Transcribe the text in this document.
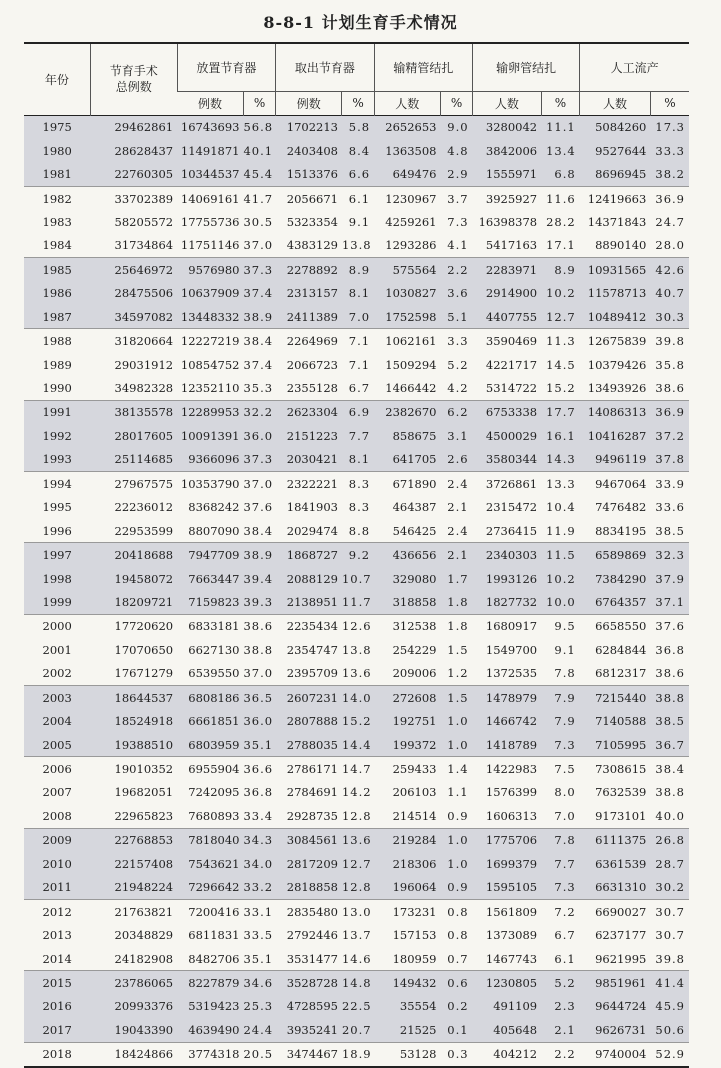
8-8-1 计划生育手术情况
年份	节育手术总例数	放置节育器		取出节育器		输精管结扎		输卵管结扎		人工流产	
		例数	%	例数	%	人数	%	人数	%	人数	%
1975	29462861	16743693	56.8	1702213	5.8	2652653	9.0	3280042	11.1	5084260	17.3
1980	28628437	11491871	40.1	2403408	8.4	1363508	4.8	3842006	13.4	9527644	33.3
1981	22760305	10344537	45.4	1513376	6.6	649476	2.9	1555971	6.8	8696945	38.2
1982	33702389	14069161	41.7	2056671	6.1	1230967	3.7	3925927	11.6	12419663	36.9
1983	58205572	17755736	30.5	5323354	9.1	4259261	7.3	16398378	28.2	14371843	24.7
1984	31734864	11751146	37.0	4383129	13.8	1293286	4.1	5417163	17.1	8890140	28.0
1985	25646972	9576980	37.3	2278892	8.9	575564	2.2	2283971	8.9	10931565	42.6
1986	28475506	10637909	37.4	2313157	8.1	1030827	3.6	2914900	10.2	11578713	40.7
1987	34597082	13448332	38.9	2411389	7.0	1752598	5.1	4407755	12.7	10489412	30.3
1988	31820664	12227219	38.4	2264969	7.1	1062161	3.3	3590469	11.3	12675839	39.8
1989	29031912	10854752	37.4	2066723	7.1	1509294	5.2	4221717	14.5	10379426	35.8
1990	34982328	12352110	35.3	2355128	6.7	1466442	4.2	5314722	15.2	13493926	38.6
1991	38135578	12289953	32.2	2623304	6.9	2382670	6.2	6753338	17.7	14086313	36.9
1992	28017605	10091391	36.0	2151223	7.7	858675	3.1	4500029	16.1	10416287	37.2
1993	25114685	9366096	37.3	2030421	8.1	641705	2.6	3580344	14.3	9496119	37.8
1994	27967575	10353790	37.0	2322221	8.3	671890	2.4	3726861	13.3	9467064	33.9
1995	22236012	8368242	37.6	1841903	8.3	464387	2.1	2315472	10.4	7476482	33.6
1996	22953599	8807090	38.4	2029474	8.8	546425	2.4	2736415	11.9	8834195	38.5
1997	20418688	7947709	38.9	1868727	9.2	436656	2.1	2340303	11.5	6589869	32.3
1998	19458072	7663447	39.4	2088129	10.7	329080	1.7	1993126	10.2	7384290	37.9
1999	18209721	7159823	39.3	2138951	11.7	318858	1.8	1827732	10.0	6764357	37.1
2000	17720620	6833181	38.6	2235434	12.6	312538	1.8	1680917	9.5	6658550	37.6
2001	17070650	6627130	38.8	2354747	13.8	254229	1.5	1549700	9.1	6284844	36.8
2002	17671279	6539550	37.0	2395709	13.6	209006	1.2	1372535	7.8	6812317	38.6
2003	18644537	6808186	36.5	2607231	14.0	272608	1.5	1478979	7.9	7215440	38.8
2004	18524918	6661851	36.0	2807888	15.2	192751	1.0	1466742	7.9	7140588	38.5
2005	19388510	6803959	35.1	2788035	14.4	199372	1.0	1418789	7.3	7105995	36.7
2006	19010352	6955904	36.6	2786171	14.7	259433	1.4	1422983	7.5	7308615	38.4
2007	19682051	7242095	36.8	2784691	14.2	206103	1.1	1576399	8.0	7632539	38.8
2008	22965823	7680893	33.4	2928735	12.8	214514	0.9	1606313	7.0	9173101	40.0
2009	22768853	7818040	34.3	3084561	13.6	219284	1.0	1775706	7.8	6111375	26.8
2010	22157408	7543621	34.0	2817209	12.7	218306	1.0	1699379	7.7	6361539	28.7
2011	21948224	7296642	33.2	2818858	12.8	196064	0.9	1595105	7.3	6631310	30.2
2012	21763821	7200416	33.1	2835480	13.0	173231	0.8	1561809	7.2	6690027	30.7
2013	20348829	6811831	33.5	2792446	13.7	157153	0.8	1373089	6.7	6237177	30.7
2014	24182908	8482706	35.1	3531477	14.6	180959	0.7	1467743	6.1	9621995	39.8
2015	23786065	8227879	34.6	3528728	14.8	149432	0.6	1230805	5.2	9851961	41.4
2016	20993376	5319423	25.3	4728595	22.5	35554	0.2	491109	2.3	9644724	45.9
2017	19043390	4639490	24.4	3935241	20.7	21525	0.1	405648	2.1	9626731	50.6
2018	18424866	3774318	20.5	3474467	18.9	53128	0.3	404212	2.2	9740004	52.9
